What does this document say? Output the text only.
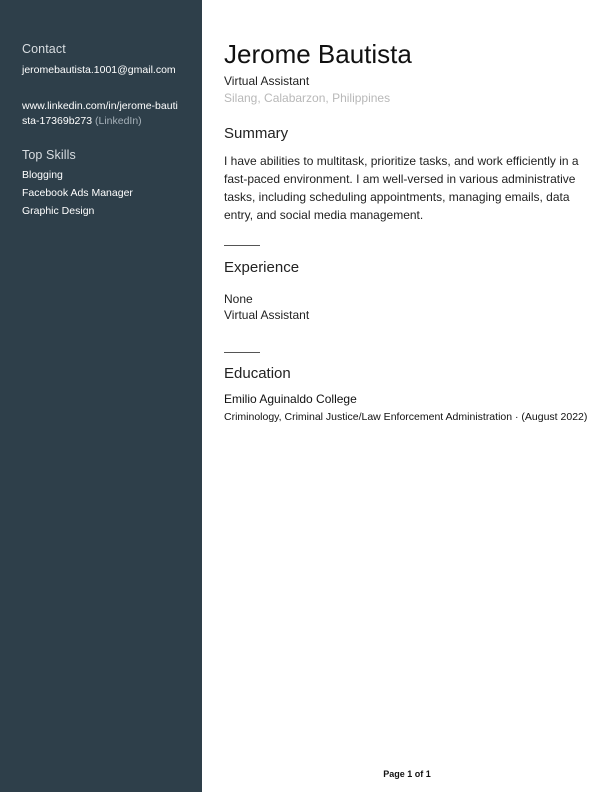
Contact
jeromebautista.1001@gmail.com
www.linkedin.com/in/jerome-bautista-17369b273 (LinkedIn)
Top Skills
Blogging
Facebook Ads Manager
Graphic Design
Jerome Bautista
Virtual Assistant
Silang, Calabarzon, Philippines
Summary
I have abilities to multitask, prioritize tasks, and work efficiently in a fast-paced environment. I am well-versed in various administrative tasks, including scheduling appointments, managing emails, data entry, and social media management.
Experience
None
Virtual Assistant
Education
Emilio Aguinaldo College
Criminology, Criminal Justice/Law Enforcement Administration · (August 2022)
Page 1 of 1
